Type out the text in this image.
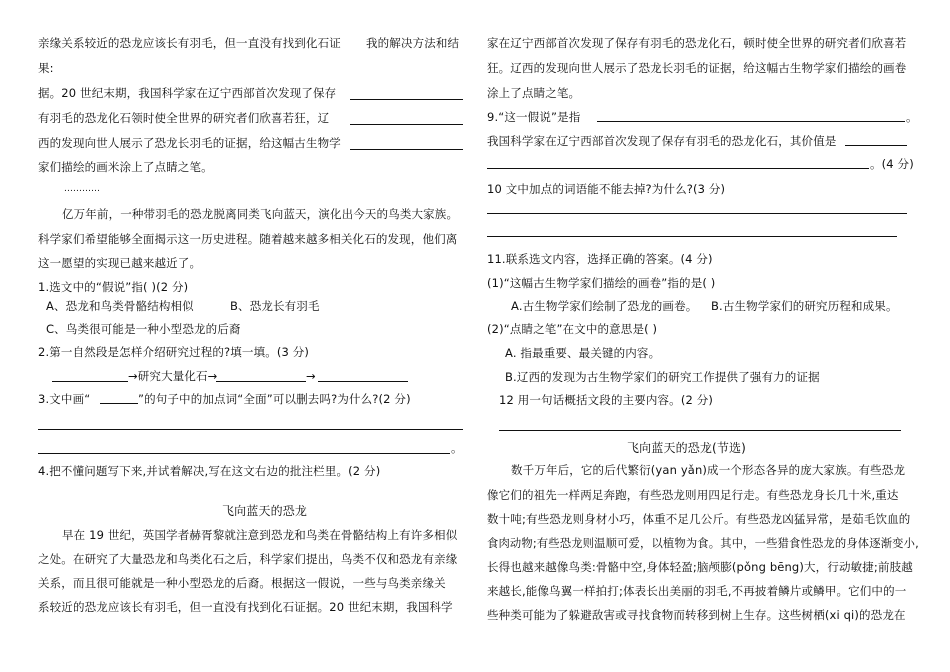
亲缘关系较近的恐龙应该长有羽毛，但一直没有找到化石证 我的解决方法和结
果:
据。20 世纪末期，我国科学家在辽宁西部首次发现了保存
有羽毛的恐龙化石领时使全世界的研究者们欣喜若狂，辽
西的发现向世人展示了恐龙长羽毛的证据，给这幅古生物学
家们描绘的画米涂上了点睛之笔。
............
亿万年前，一种带羽毛的恐龙脱离同类飞向蓝天，演化出今天的鸟类大家族。
科学家们希望能够全面揭示这一历史进程。随着越来越多相关化石的发现，他们离
这一愿望的实现已越来越近了。
1.选文中的“假说”指( )(2 分)
A、恐龙和鸟类骨骼结构相似	B、恐龙长有羽毛
C、鸟类很可能是一种小型恐龙的后裔
2.第一自然段是怎样介绍研究过程的?填一填。(3 分)
→研究大量化石→	→
3.文中画“	”的句子中的加点词“全面”可以删去吗?为什么?(2 分)
。
4.把不懂问题写下来,并试着解决,写在这文右边的批注栏里。(2 分)
飞向蓝天的恐龙
早在 19 世纪，英国学者赫胥黎就注意到恐龙和鸟类在骨骼结构上有许多相似
之处。在研究了大量恐龙和鸟类化石之后，科学家们提出，鸟类不仅和恐龙有亲缘
关系，而且很可能就是一种小型恐龙的后裔。根据这一假说，一些与鸟类亲缘关
系较近的恐龙应该长有羽毛，但一直没有找到化石证据。20 世纪末期，我国科学
家在辽宁西部首次发现了保存有羽毛的恐龙化石，顿时使全世界的研究者们欣喜若
狂。辽西的发现向世人展示了恐龙长羽毛的证据，给这幅古生物学家们描绘的画卷
涂上了点睛之笔。
9.“这一假说”是指	。
我国科学家在辽宁西部首次发现了保存有羽毛的恐龙化石，其价值是
。(4 分)
10 文中加点的词语能不能去掉?为什么?(3 分)
11.联系选文内容，选择正确的答案。(4 分)
(1)“这幅古生物学家们描绘的画卷”指的是( )
A.古生物学家们绘制了恐龙的画卷。 B.古生物学家们的研究历程和成果。
(2)“点睛之笔”在文中的意思是( )
A. 指最重要、最关键的内容。
B.辽西的发现为古生物学家们的研究工作提供了强有力的证据
12 用一句话概括文段的主要内容。(2 分)
飞向蓝天的恐龙(节选)
数千万年后，它的后代繁衍(yan yǎn)成一个形态各异的庞大家族。有些恐龙
像它们的祖先一样两足奔跑，有些恐龙则用四足行走。有些恐龙身长几十米,重达
数十吨;有些恐龙则身材小巧，体重不足几公斤。有些恐龙凶猛异常，是茹毛饮血的
食肉动物;有些恐龙则温顺可爱，以植物为食。其中，一些猎食性恐龙的身体逐渐变小,
长得也越来越像鸟类:骨骼中空,身体轻盈;脑颅膨(pǒng bēng)大，行动敏捷;前肢越
来越长,能像鸟翼一样拍打;体表长出美丽的羽毛,不再披着鳞片或鳞甲。它们中的一
些种类可能为了躲避敌害或寻找食物而转移到树上生存。这些树栖(xi qi)的恐龙在
